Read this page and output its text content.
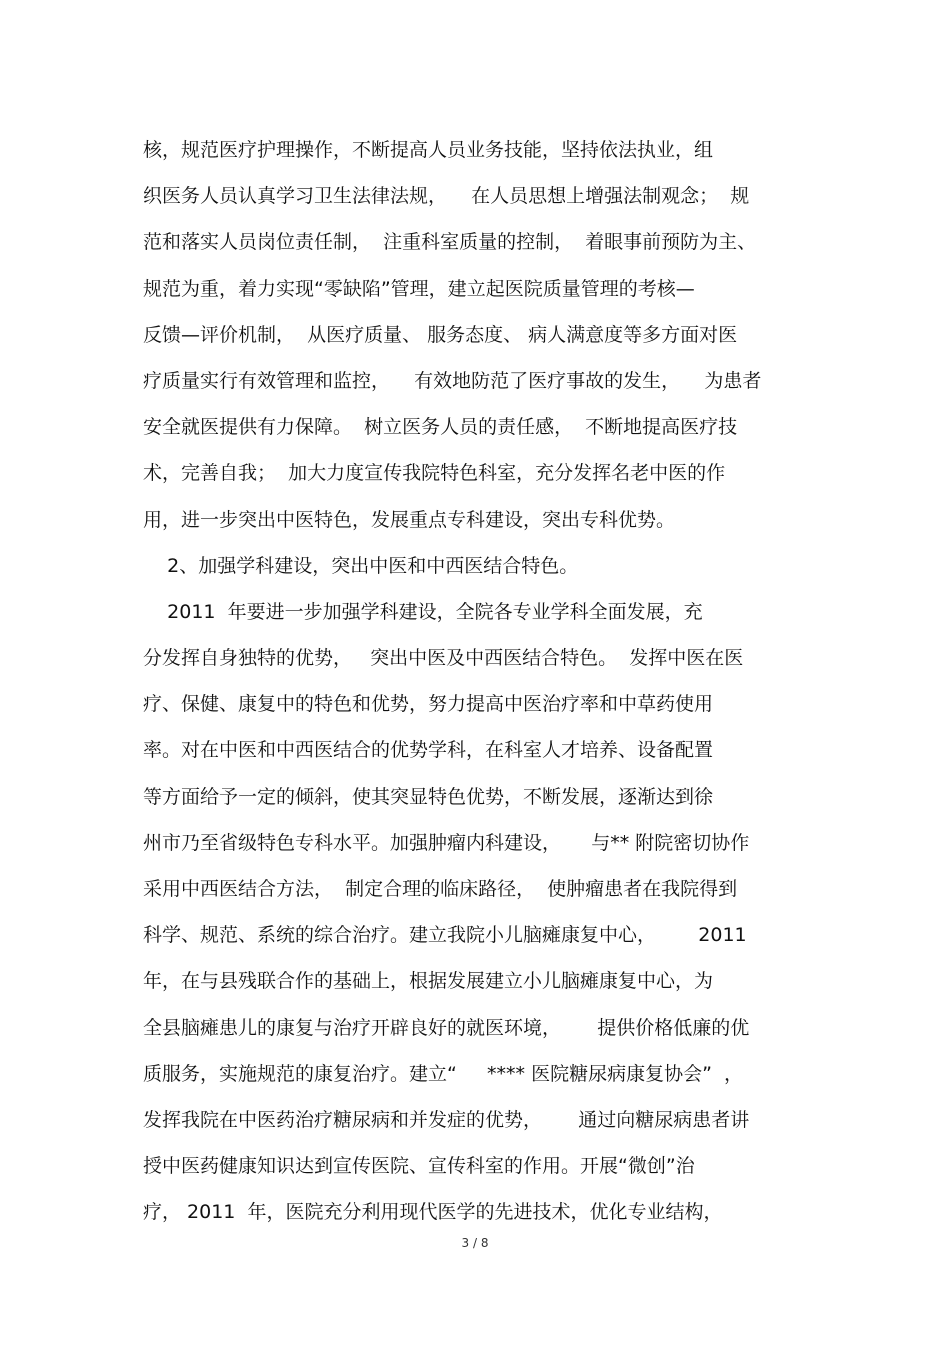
核，规范医疗护理操作，不断提高人员业务技能，坚持依法执业，组
织医务人员认真学习卫生法律法规，    在人员思想上增强法制观念；  规
范和落实人员岗位责任制，  注重科室质量的控制，  着眼事前预防为主、
规范为重，着力实现“零缺陷”管理，建立起医院质量管理的考核—
反馈—评价机制，  从医疗质量、 服务态度、 病人满意度等多方面对医
疗质量实行有效管理和监控，    有效地防范了医疗事故的发生，    为患者
安全就医提供有力保障。  树立医务人员的责任感，  不断地提高医疗技
术，完善自我；  加大力度宣传我院特色科室，充分发挥名老中医的作
用，进一步突出中医特色，发展重点专科建设，突出专科优势。
2、加强学科建设，突出中医和中西医结合特色。
2011  年要进一步加强学科建设，全院各专业学科全面发展，充
分发挥自身独特的优势，   突出中医及中西医结合特色。  发挥中医在医
疗、保健、康复中的特色和优势，努力提高中医治疗率和中草药使用
率。对在中医和中西医结合的优势学科，在科室人才培养、设备配置
等方面给予一定的倾斜，使其突显特色优势，不断发展，逐渐达到徐
州市乃至省级特色专科水平。加强肿瘤内科建设，     与** 附院密切协作
采用中西医结合方法，  制定合理的临床路径，  使肿瘤患者在我院得到
科学、规范、系统的综合治疗。建立我院小儿脑瘫康复中心，       2011
年，在与县残联合作的基础上，根据发展建立小儿脑瘫康复中心，为
全县脑瘫患儿的康复与治疗开辟良好的就医环境，      提供价格低廉的优
质服务，实施规范的康复治疗。建立“     **** 医院糖尿病康复协会”  ，
发挥我院在中医药治疗糖尿病和并发症的优势，      通过向糖尿病患者讲
授中医药健康知识达到宣传医院、宣传科室的作用。开展“微创”治
疗， 2011  年，医院充分利用现代医学的先进技术，优化专业结构，
3 / 8
